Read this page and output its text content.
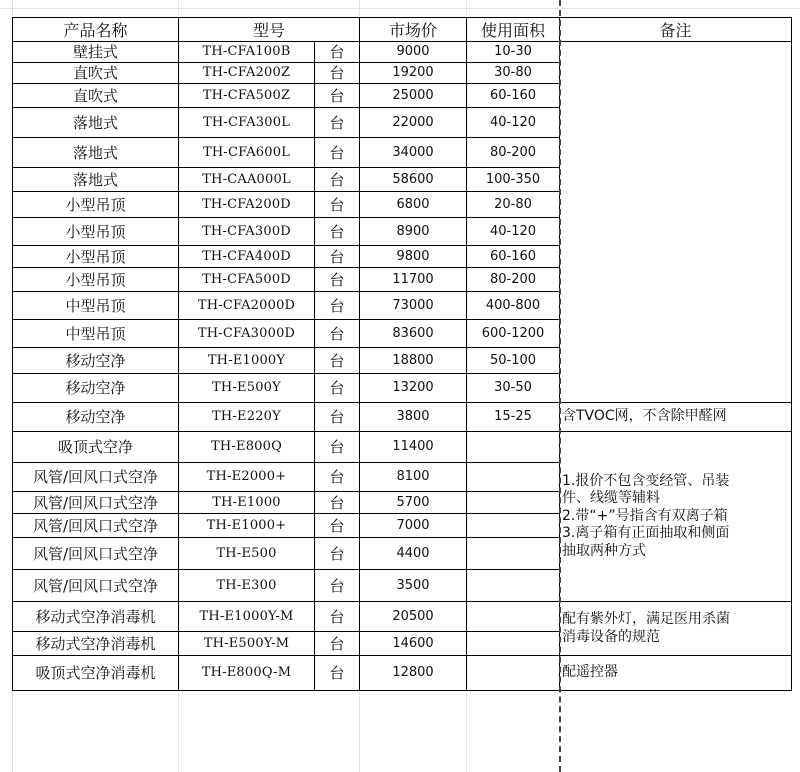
产品名称	型号		市场价	使用面积	备注
壁挂式	TH-CFA100B	台	9000	10-30	
直吹式	TH-CFA200Z	台	19200	30-80	
直吹式	TH-CFA500Z	台	25000	60-160	
落地式	TH-CFA300L	台	22000	40-120	
落地式	TH-CFA600L	台	34000	80-200	
落地式	TH-CAA000L	台	58600	100-350	
小型吊顶	TH-CFA200D	台	6800	20-80	
小型吊顶	TH-CFA300D	台	8900	40-120	
小型吊顶	TH-CFA400D	台	9800	60-160	
小型吊顶	TH-CFA500D	台	11700	80-200	
中型吊顶	TH-CFA2000D	台	73000	400-800	
中型吊顶	TH-CFA3000D	台	83600	600-1200	
移动空净	TH-E1000Y	台	18800	50-100	
移动空净	TH-E500Y	台	13200	30-50	
移动空净	TH-E220Y	台	3800	15-25	含TVOC网，不含除甲醛网
吸顶式空净	TH-E800Q	台	11400		1.报价不包含变经管、吊装
件、线缆等辅料
2.带“+”号指含有双离子箱
3.离子箱有正面抽取和侧面
抽取两种方式

风管/回风口式空净	TH-E2000+	台	8100		
风管/回风口式空净	TH-E1000	台	5700		
风管/回风口式空净	TH-E1000+	台	7000		
风管/回风口式空净	TH-E500	台	4400		
风管/回风口式空净	TH-E300	台	3500		
移动式空净消毒机	TH-E1000Y-M	台	20500		配有紫外灯，满足医用杀菌
消毒设备的规范

移动式空净消毒机	TH-E500Y-M	台	14600		
吸顶式空净消毒机	TH-E800Q-M	台	12800		配遥控器
